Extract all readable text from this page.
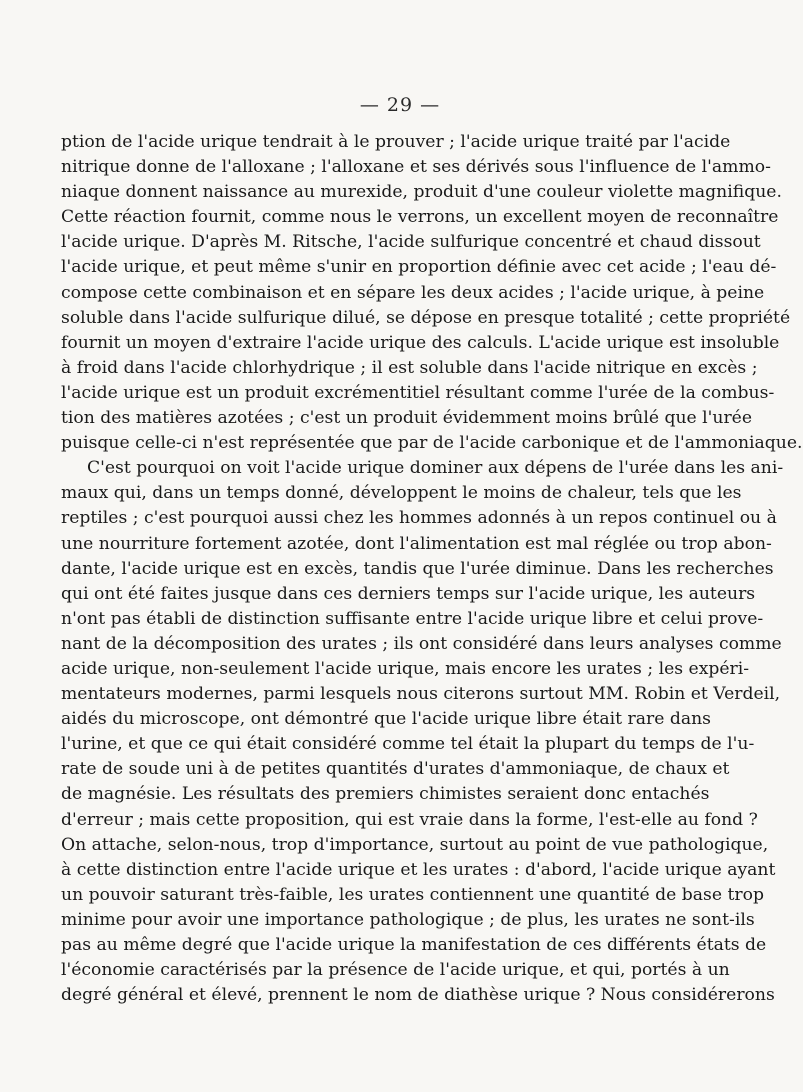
— 29 —
ption de l'acide urique tendrait à le prouver ; l'acide urique traité par l'acide
nitrique donne de l'alloxane ; l'alloxane et ses dérivés sous l'influence de l'ammo-
niaque donnent naissance au murexide, produit d'une couleur violette magnifique.
Cette réaction fournit, comme nous le verrons, un excellent moyen de reconnaître
l'acide urique. D'après M. Ritsche, l'acide sulfurique concentré et chaud dissout
l'acide urique, et peut même s'unir en proportion définie avec cet acide ; l'eau dé-
compose cette combinaison et en sépare les deux acides ; l'acide urique, à peine
soluble dans l'acide sulfurique dilué, se dépose en presque totalité ; cette propriété
fournit un moyen d'extraire l'acide urique des calculs. L'acide urique est insoluble
à froid dans l'acide chlorhydrique ; il est soluble dans l'acide nitrique en excès ;
l'acide urique est un produit excrémentitiel résultant comme l'urée de la combus-
tion des matières azotées ; c'est un produit évidemment moins brûlé que l'urée
puisque celle-ci n'est représentée que par de l'acide carbonique et de l'ammoniaque.
C'est pourquoi on voit l'acide urique dominer aux dépens de l'urée dans les ani-
maux qui, dans un temps donné, développent le moins de chaleur, tels que les
reptiles ; c'est pourquoi aussi chez les hommes adonnés à un repos continuel ou à
une nourriture fortement azotée, dont l'alimentation est mal réglée ou trop abon-
dante, l'acide urique est en excès, tandis que l'urée diminue. Dans les recherches
qui ont été faites jusque dans ces derniers temps sur l'acide urique, les auteurs
n'ont pas établi de distinction suffisante entre l'acide urique libre et celui prove-
nant de la décomposition des urates ; ils ont considéré dans leurs analyses comme
acide urique, non-seulement l'acide urique, mais encore les urates ; les expéri-
mentateurs modernes, parmi lesquels nous citerons surtout MM. Robin et Verdeil,
aidés du microscope, ont démontré que l'acide urique libre était rare dans
l'urine, et que ce qui était considéré comme tel était la plupart du temps de l'u-
rate de soude uni à de petites quantités d'urates d'ammoniaque, de chaux et
de magnésie. Les résultats des premiers chimistes seraient donc entachés
d'erreur ; mais cette proposition, qui est vraie dans la forme, l'est-elle au fond ?
On attache, selon-nous, trop d'importance, surtout au point de vue pathologique,
à cette distinction entre l'acide urique et les urates : d'abord, l'acide urique ayant
un pouvoir saturant très-faible, les urates contiennent une quantité de base trop
minime pour avoir une importance pathologique ; de plus, les urates ne sont-ils
pas au même degré que l'acide urique la manifestation de ces différents états de
l'économie caractérisés par la présence de l'acide urique, et qui, portés à un
degré général et élevé, prennent le nom de diathèse urique ? Nous considérerons
